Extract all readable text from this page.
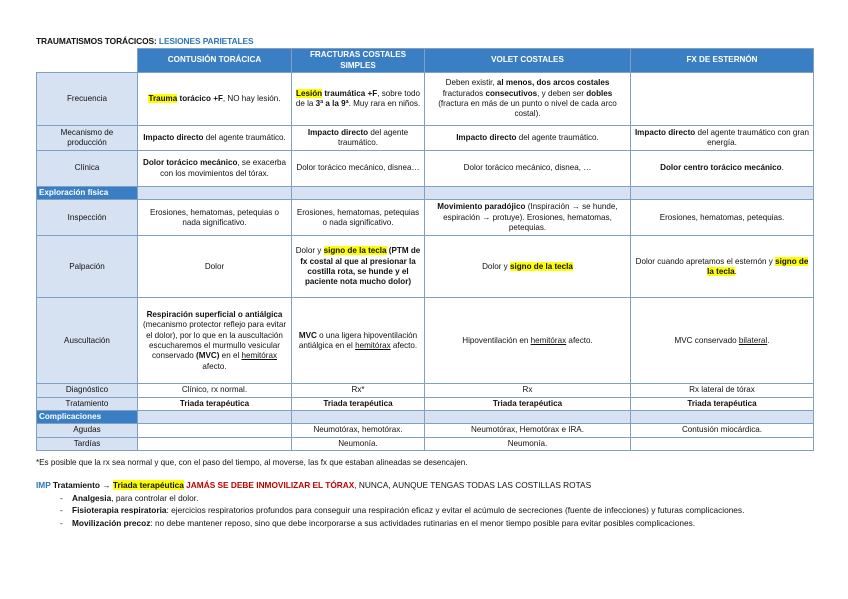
TRAUMATISMOS TORÁCICOS: LESIONES PARIETALES
	CONTUSIÓN TORÁCICA	FRACTURAS COSTALES SIMPLES	VOLET COSTALES	FX DE ESTERNÓN
Frecuencia	Trauma torácico +F, NO hay lesión.	Lesión traumática +F, sobre todo de la 3ª a la 9ª. Muy rara en niños.	Deben existir, al menos, dos arcos costales fracturados consecutivos, y deben ser dobles (fractura en más de un punto o nivel de cada arco costal).	
Mecanismo de producción	Impacto directo del agente traumático.	Impacto directo del agente traumático.	Impacto directo del agente traumático.	Impacto directo del agente traumático con gran energía.
Clínica	Dolor torácico mecánico, se exacerba con los movimientos del tórax.	Dolor torácico mecánico, disnea…	Dolor torácico mecánico, disnea, …	Dolor centro torácico mecánico.
Exploración física				
Inspección	Erosiones, hematomas, petequias o nada significativo.	Erosiones, hematomas, petequias o nada significativo.	Movimiento paradójico (Inspiración → se hunde, espiración → protuye). Erosiones, hematomas, petequias.	Erosiones, hematomas, petequias.
Palpación	Dolor	Dolor y signo de la tecla (PTM de fx costal al que al presionar la costilla rota, se hunde y el paciente nota mucho dolor)	Dolor y signo de la tecla	Dolor cuando apretamos el esternón y signo de la tecla.
Auscultación	Respiración superficial o antiálgica (mecanismo protector reflejo para evitar el dolor), por lo que en la auscultación escucharemos el murmullo vesicular conservado (MVC) en el hemitórax afecto.	MVC o una ligera hipoventilación antiálgica en el hemitórax afecto.	Hipoventilación en hemitórax afecto.	MVC conservado bilateral.
Diagnóstico	Clínico, rx normal.	Rx*	Rx	Rx lateral de tórax
Tratamiento	Triada terapéutica	Triada terapéutica	Triada terapéutica	Triada terapéutica
Complicaciones				
Agudas		Neumotórax, hemotórax.	Neumotórax, Hemotórax e IRA.	Contusión miocárdica.
Tardías		Neumonía.	Neumonía.	
*Es posible que la rx sea normal y que, con el paso del tiempo, al moverse, las fx que estaban alineadas se desencajen.
IMP Tratamiento → Triada terapéutica JAMÁS SE DEBE INMOVILIZAR EL TÓRAX, NUNCA, AUNQUE TENGAS TODAS LAS COSTILLAS ROTAS
- Analgesia, para controlar el dolor.
- Fisioterapia respiratoria: ejercicios respiratorios profundos para conseguir una respiración eficaz y evitar el acúmulo de secreciones (fuente de infecciones) y futuras complicaciones.
- Movilización precoz: no debe mantener reposo, sino que debe incorporarse a sus actividades rutinarias en el menor tiempo posible para evitar posibles complicaciones.
